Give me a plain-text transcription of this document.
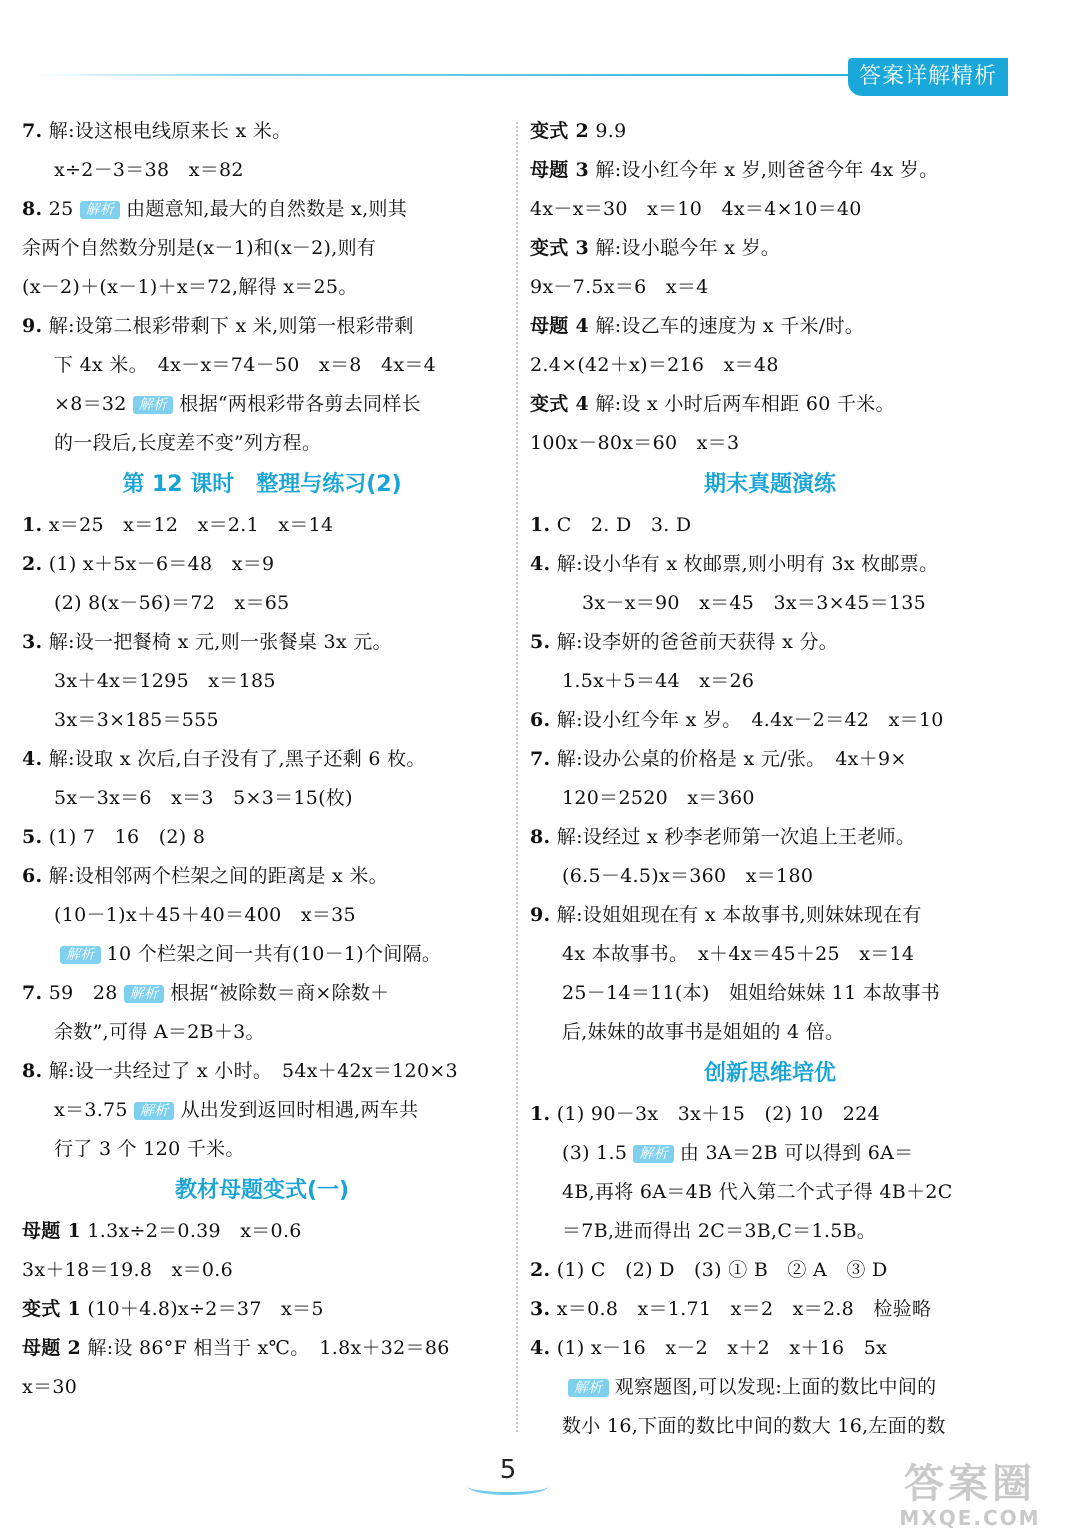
答案详解精析
7. 解:设这根电线原来长 x 米。
x÷2－3＝38　x＝82
8. 25 解析 由题意知,最大的自然数是 x,则其
余两个自然数分别是(x－1)和(x－2),则有
(x－2)＋(x－1)＋x＝72,解得 x＝25。
9. 解:设第二根彩带剩下 x 米,则第一根彩带剩
下 4x 米。　4x－x＝74－50　x＝8　4x＝4
×8＝32 解析 根据“两根彩带各剪去同样长
的一段后,长度差不变”列方程。
第 12 课时　整理与练习(2)
1. x＝25　x＝12　x＝2.1　x＝14
2. (1) x＋5x－6＝48　x＝9
(2) 8(x－56)＝72　x＝65
3. 解:设一把餐椅 x 元,则一张餐桌 3x 元。
3x＋4x＝1295　x＝185
3x＝3×185＝555
4. 解:设取 x 次后,白子没有了,黑子还剩 6 枚。
5x－3x＝6　x＝3　5×3＝15(枚)
5. (1) 7　16　(2) 8
6. 解:设相邻两个栏架之间的距离是 x 米。
(10－1)x＋45＋40＝400　x＝35
解析 10 个栏架之间一共有(10－1)个间隔。
7. 59　28 解析 根据“被除数＝商×除数＋
余数”,可得 A＝2B＋3。
8. 解:设一共经过了 x 小时。　54x＋42x＝120×3
x＝3.75 解析 从出发到返回时相遇,两车共
行了 3 个 120 千米。
教材母题变式(一)
母题 1 1.3x÷2＝0.39　x＝0.6
3x＋18＝19.8　x＝0.6
变式 1 (10＋4.8)x÷2＝37　x＝5
母题 2 解:设 86°F 相当于 x℃。　1.8x＋32＝86
x＝30
变式 2 9.9
母题 3 解:设小红今年 x 岁,则爸爸今年 4x 岁。
4x－x＝30　x＝10　4x＝4×10＝40
变式 3 解:设小聪今年 x 岁。
9x－7.5x＝6　x＝4
母题 4 解:设乙车的速度为 x 千米/时。
2.4×(42＋x)＝216　x＝48
变式 4 解:设 x 小时后两车相距 60 千米。
100x－80x＝60　x＝3
期末真题演练
1. C　2. D　3. D
4. 解:设小华有 x 枚邮票,则小明有 3x 枚邮票。
3x－x＝90　x＝45　3x＝3×45＝135
5. 解:设李妍的爸爸前天获得 x 分。
1.5x＋5＝44　x＝26
6. 解:设小红今年 x 岁。　4.4x－2＝42　x＝10
7. 解:设办公桌的价格是 x 元/张。　4x＋9×
120＝2520　x＝360
8. 解:设经过 x 秒李老师第一次追上王老师。
(6.5－4.5)x＝360　x＝180
9. 解:设姐姐现在有 x 本故事书,则妹妹现在有
4x 本故事书。　x＋4x＝45＋25　x＝14
25－14＝11(本)　姐姐给妹妹 11 本故事书
后,妹妹的故事书是姐姐的 4 倍。
创新思维培优
1. (1) 90－3x　3x＋15　(2) 10　224
(3) 1.5 解析 由 3A＝2B 可以得到 6A＝
4B,再将 6A＝4B 代入第二个式子得 4B＋2C
＝7B,进而得出 2C＝3B,C＝1.5B。
2. (1) C　(2) D　(3) ① B　② A　③ D
3. x＝0.8　x＝1.71　x＝2　x＝2.8　检验略
4. (1) x－16　x－2　x＋2　x＋16　5x
解析 观察题图,可以发现:上面的数比中间的
数小 16,下面的数比中间的数大 16,左面的数
5	答案圈
MXQE.COM
